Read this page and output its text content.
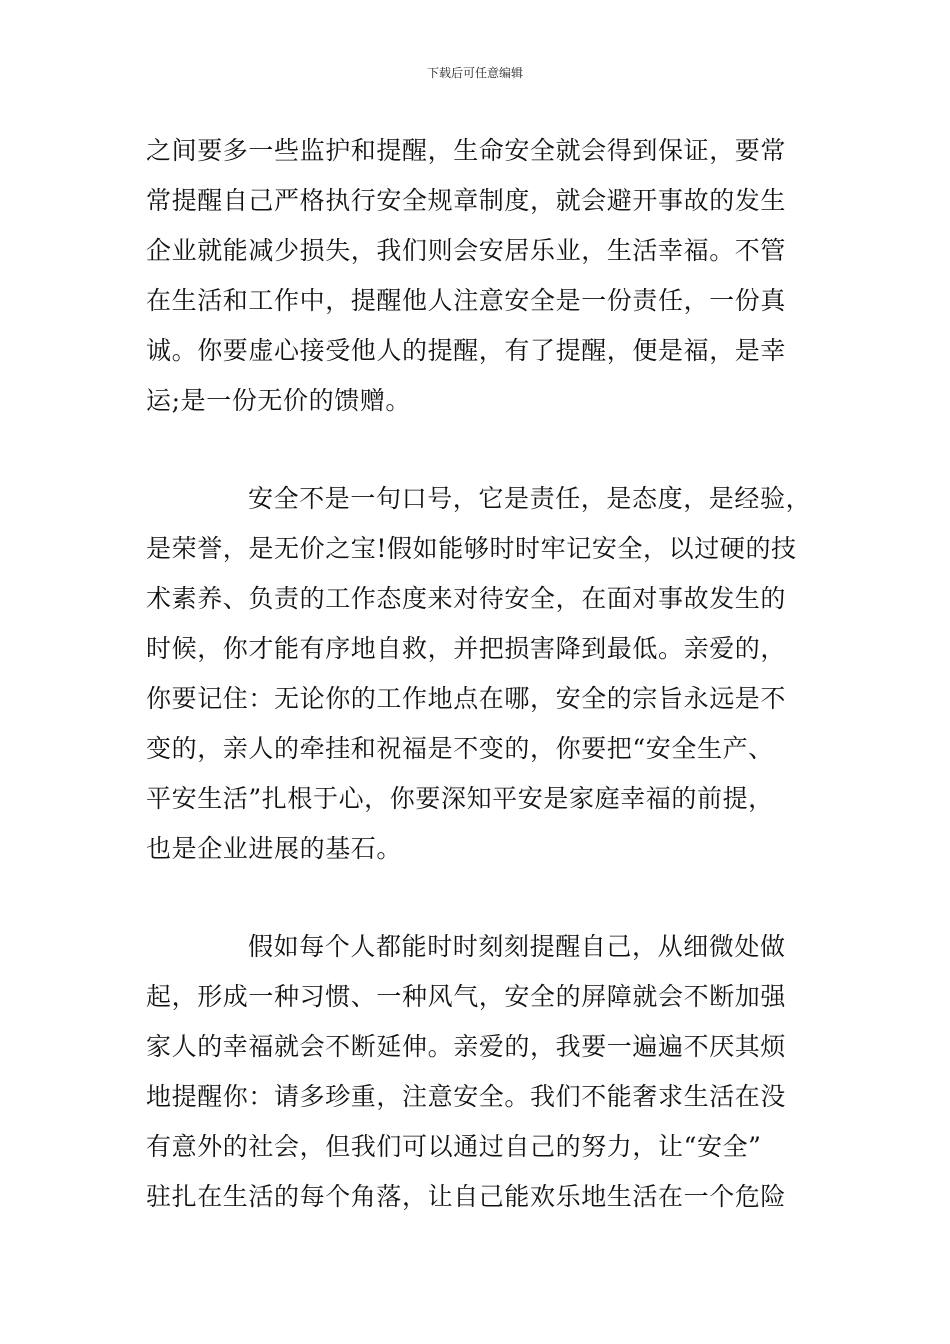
下载后可任意编辑
之间要多一些监护和提醒，生命安全就会得到保证，要常
常提醒自己严格执行安全规章制度，就会避开事故的发生
企业就能减少损失，我们则会安居乐业，生活幸福。不管
在生活和工作中，提醒他人注意安全是一份责任，一份真
诚。你要虚心接受他人的提醒，有了提醒，便是福，是幸
运;是一份无价的馈赠。
安全不是一句口号，它是责任，是态度，是经验，
是荣誉，是无价之宝!假如能够时时牢记安全，以过硬的技
术素养、负责的工作态度来对待安全，在面对事故发生的
时候，你才能有序地自救，并把损害降到最低。亲爱的，
你要记住：无论你的工作地点在哪，安全的宗旨永远是不
变的，亲人的牵挂和祝福是不变的，你要把“安全生产、
平安生活”扎根于心，你要深知平安是家庭幸福的前提，
也是企业进展的基石。
假如每个人都能时时刻刻提醒自己，从细微处做
起，形成一种习惯、一种风气，安全的屏障就会不断加强
家人的幸福就会不断延伸。亲爱的，我要一遍遍不厌其烦
地提醒你：请多珍重，注意安全。我们不能奢求生活在没
有意外的社会，但我们可以通过自己的努力，让“安全”
驻扎在生活的每个角落，让自己能欢乐地生活在一个危险
